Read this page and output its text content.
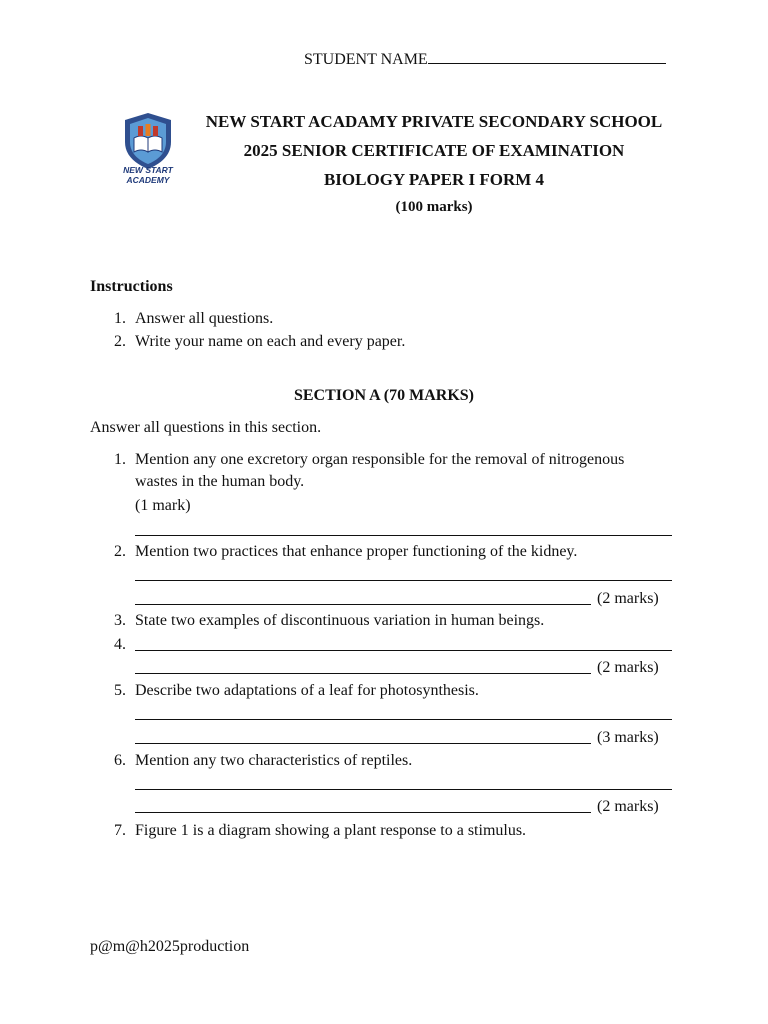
STUDENT NAME
NEW START
ACADEMY
NEW START ACADAMY PRIVATE SECONDARY SCHOOL
2025 SENIOR CERTIFICATE OF EXAMINATION
BIOLOGY PAPER I FORM 4
(100 marks)
Instructions
1. Answer all questions.
2. Write your name on each and every paper.
SECTION A (70 MARKS)
Answer all questions in this section.
1. Mention any one excretory organ responsible for the removal of nitrogenous
wastes in the human body.
(1 mark)
2. Mention two practices that enhance proper functioning of the kidney.
(2 marks)
3. State two examples of discontinuous variation in human beings.
4.
(2 marks)
5. Describe two adaptations of a leaf for photosynthesis.
(3 marks)
6. Mention any two characteristics of reptiles.
(2 marks)
7. Figure 1 is a diagram showing a plant response to a stimulus.
p@m@h2025production
